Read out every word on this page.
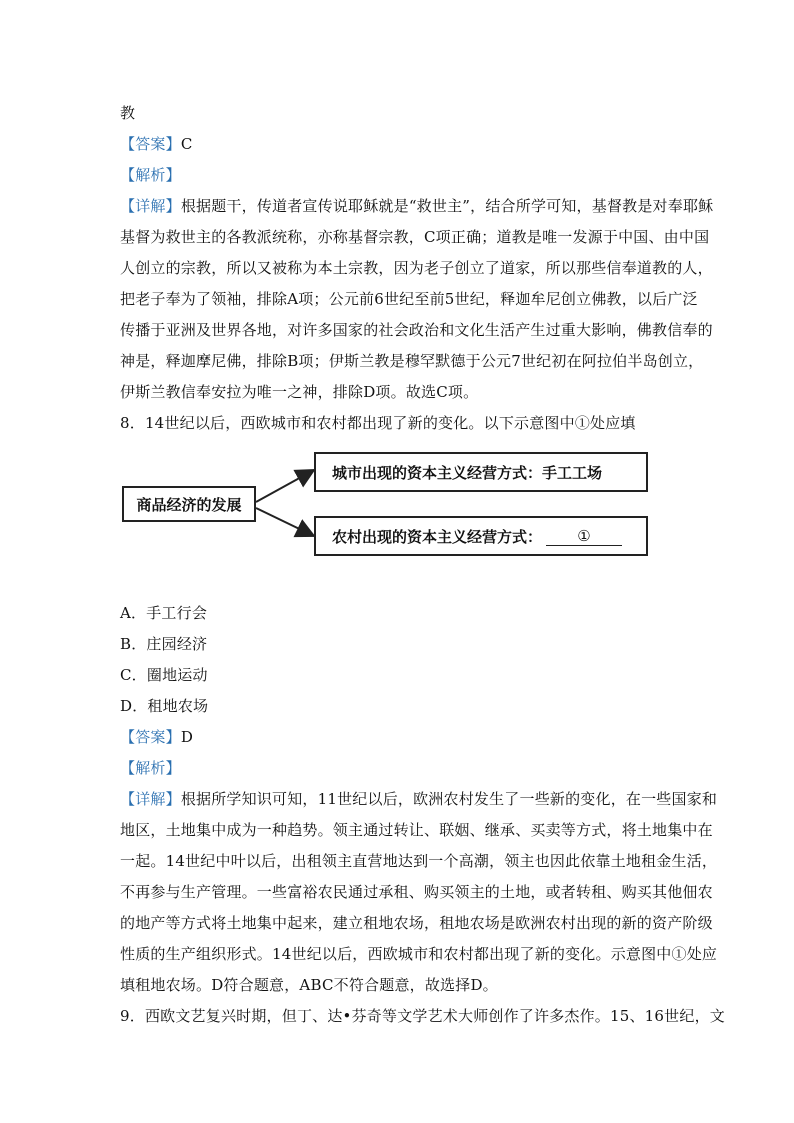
教
【答案】C
【解析】
【详解】根据题干，传道者宣传说耶稣就是“救世主”，结合所学可知，基督教是对奉耶稣
基督为救世主的各教派统称，亦称基督宗教，C项正确；道教是唯一发源于中国、由中国
人创立的宗教，所以又被称为本土宗教，因为老子创立了道家，所以那些信奉道教的人，
把老子奉为了领袖，排除A项；公元前6世纪至前5世纪，释迦牟尼创立佛教，以后广泛
传播于亚洲及世界各地，对许多国家的社会政治和文化生活产生过重大影响，佛教信奉的
神是，释迦摩尼佛，排除B项；伊斯兰教是穆罕默德于公元7世纪初在阿拉伯半岛创立，
伊斯兰教信奉安拉为唯一之神，排除D项。故选C项。
8．14世纪以后，西欧城市和农村都出现了新的变化。以下示意图中①处应填
商品经济的发展
城市出现的资本主义经营方式：手工工场
农村出现的资本主义经营方式：	①
A．手工行会
B．庄园经济
C．圈地运动
D．租地农场
【答案】D
【解析】
【详解】根据所学知识可知，11世纪以后，欧洲农村发生了一些新的变化，在一些国家和
地区，土地集中成为一种趋势。领主通过转让、联姻、继承、买卖等方式，将土地集中在
一起。14世纪中叶以后，出租领主直营地达到一个高潮，领主也因此依靠土地租金生活，
不再参与生产管理。一些富裕农民通过承租、购买领主的土地，或者转租、购买其他佃农
的地产等方式将土地集中起来，建立租地农场，租地农场是欧洲农村出现的新的资产阶级
性质的生产组织形式。14世纪以后，西欧城市和农村都出现了新的变化。示意图中①处应
填租地农场。D符合题意，ABC不符合题意，故选择D。
9．西欧文艺复兴时期，但丁、达•芬奇等文学艺术大师创作了许多杰作。15、16世纪，文
